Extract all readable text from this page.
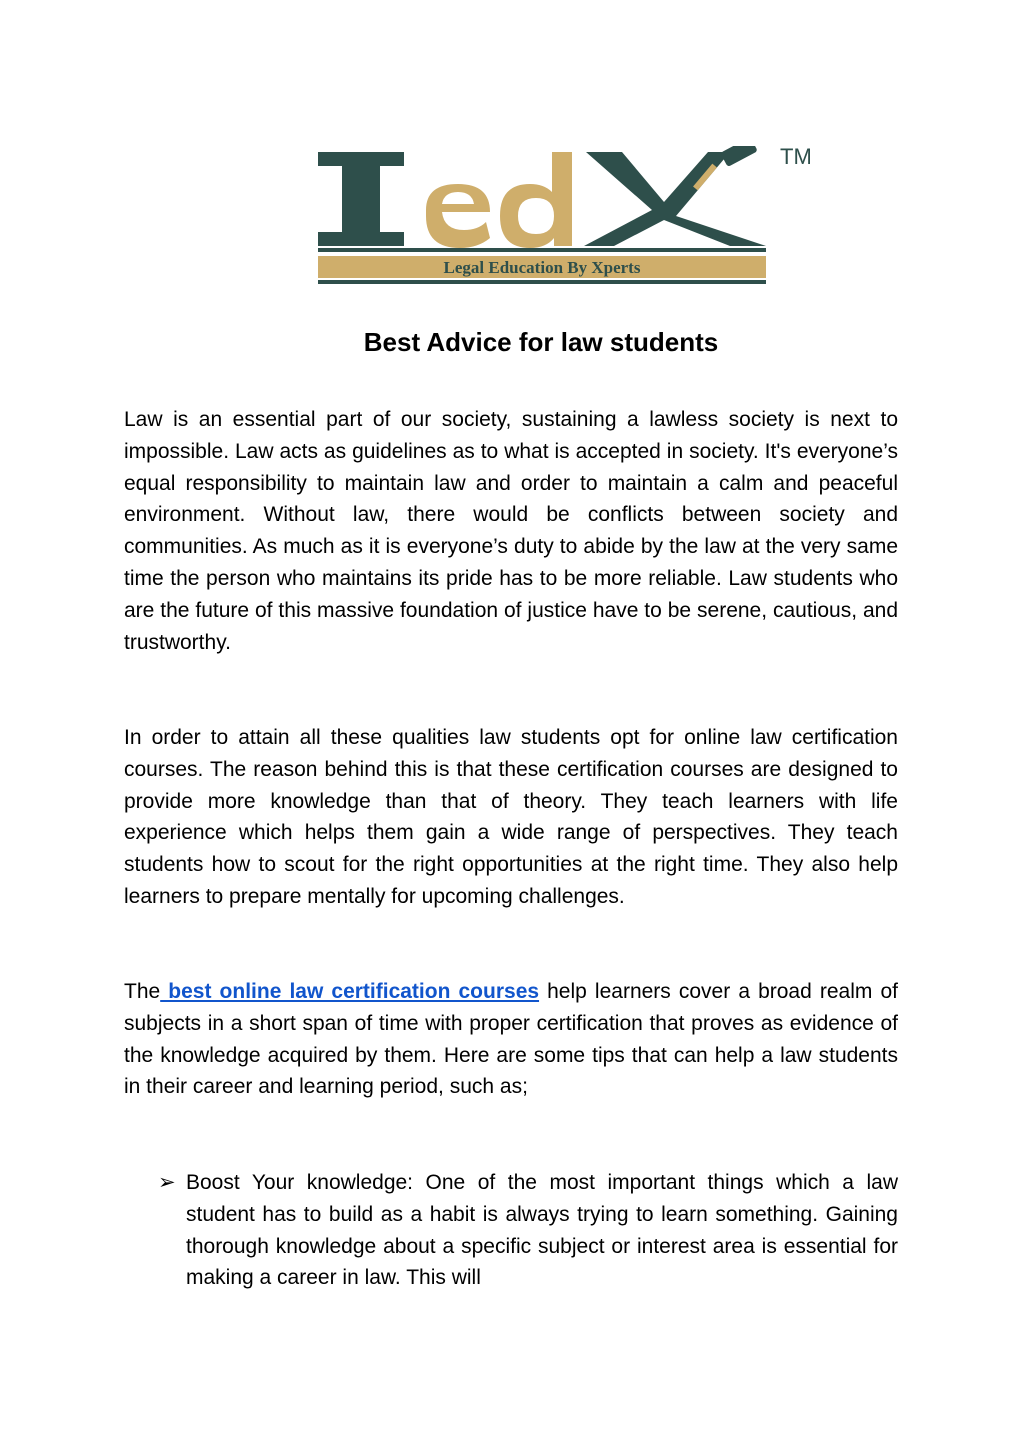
Legal Education By Xperts
TM
Best Advice for law students

Law is an essential part of our society, sustaining a lawless society is next to impossible. Law acts as guidelines as to what is accepted in society. It's everyone’s equal responsibility to maintain law and order to maintain a calm and peaceful environment. Without law, there would be conflicts between society and communities. As much as it is everyone’s duty to abide by the law at the very same time the person who maintains its pride has to be more reliable. Law students who are the future of this massive foundation of justice have to be serene, cautious, and trustworthy.

In order to attain all these qualities law students opt for online law certification courses. The reason behind this is that these certification courses are designed to provide more knowledge than that of theory. They teach learners with life experience which helps them gain a wide range of perspectives. They teach students how to scout for the right opportunities at the right time. They also help learners to prepare mentally for upcoming challenges.

The best online law certification courses help learners cover a broad realm of subjects in a short span of time with proper certification that proves as evidence of the knowledge acquired by them. Here are some tips that can help a law students in their career and learning period, such as;

➢ Boost Your knowledge: One of the most important things which a law student has to build as a habit is always trying to learn something. Gaining thorough knowledge about a specific subject or interest area is essential for making a career in law. This will
